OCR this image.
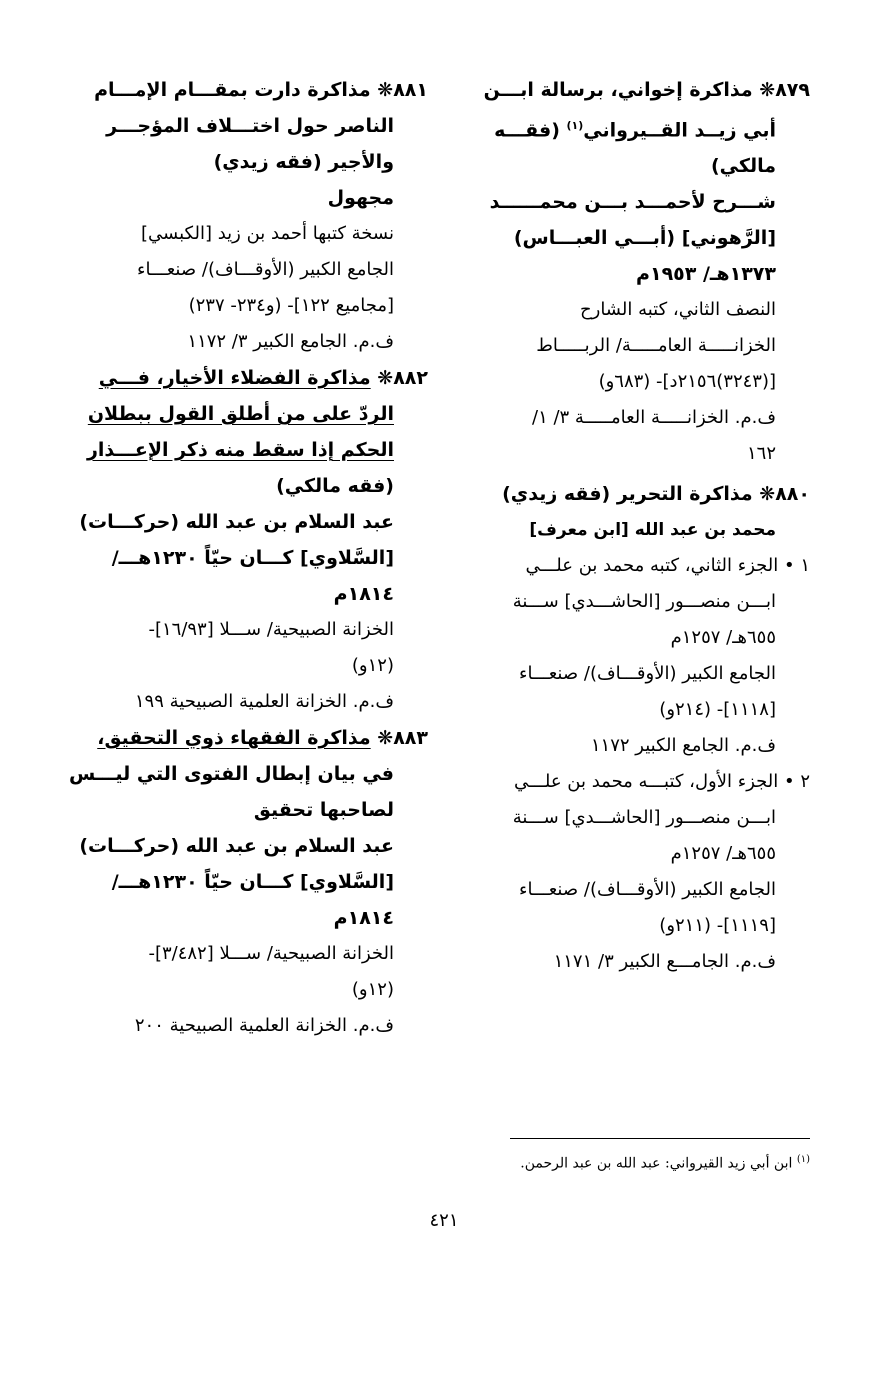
٨٧٩❋ مذاكرة إخواني، برسالة ابـــن
أبي زيــد القــيرواني$^{(١)}$ (فقـــه
مالكي)
شـــرح لأحمـــد بـــن محمــــــد
[الرَّهوني] (أبـــي العبـــاس)
١٣٧٣هـ/ ١٩٥٣م
النصف الثاني، كتبه الشارح
الخزانـــــة العامـــــة/ الربـــــاط
[(٣٢٤٣)٢١٥٦د]- (٦٨٣و)
ف.م. الخزانـــــة العامـــــة ٣/ ١/
١٦٢
٨٨٠❋ مذاكرة التحرير (فقه زيدي)
محمد بن عبد الله [ابن معرف]
١ • الجزء الثاني، كتبه محمد بن علـــي
ابـــن منصـــور [الحاشـــدي] ســـنة
٦٥٥هـ/ ١٢٥٧م
الجامع الكبير (الأوقـــاف)/ صنعـــاء
[١١١٨]- (٢١٤و)
ف.م. الجامع الكبير ١١٧٢
٢ • الجزء الأول، كتبـــه محمد بن علـــي
ابـــن منصـــور [الحاشـــدي] ســـنة
٦٥٥هـ/ ١٢٥٧م
الجامع الكبير (الأوقـــاف)/ صنعـــاء
[١١١٩]- (٢١١و)
ف.م. الجامـــع الكبير ٣/ ١١٧١
٨٨١❋ مذاكرة دارت بمقـــام الإمـــام
الناصر حول اختـــلاف المؤجـــر
والأجير (فقه زيدي)
مجهول
نسخة كتبها أحمد بن زيد [الكبسي]
الجامع الكبير (الأوقـــاف)/ صنعـــاء
[مجاميع ١٢٢]- (و٢٣٤- ٢٣٧)
ف.م. الجامع الكبير ٣/ ١١٧٢
٨٨٢❋ مذاكرة الفضلاء الأخيار، فـــي
الردّ على من أطلق القول ببطلان
الحكم إذا سقط منه ذكر الإعـــذار
(فقه مالكي)
عبد السلام بن عبد الله (حركـــات)
[السَّلاوي] كـــان حيّاً ١٢٣٠هـــ/
١٨١٤م
الخزانة الصبيحية/ ســـلا [١٦/٩٣]-
(١٢و)
ف.م. الخزانة العلمية الصبيحية ١٩٩
٨٨٣❋ مذاكرة الفقهاء ذوي التحقيق،
في بيان إبطال الفتوى التي ليـــس
لصاحبها تحقيق
عبد السلام بن عبد الله (حركـــات)
[السَّلاوي] كـــان حيّاً ١٢٣٠هـــ/
١٨١٤م
الخزانة الصبيحية/ ســـلا [٣/٤٨٢]-
(١٢و)
ف.م. الخزانة العلمية الصبيحية ٢٠٠
$^{(١)}$ ابن أبي زيد القيرواني: عبد الله بن عبد الرحمن.
٤٢١
